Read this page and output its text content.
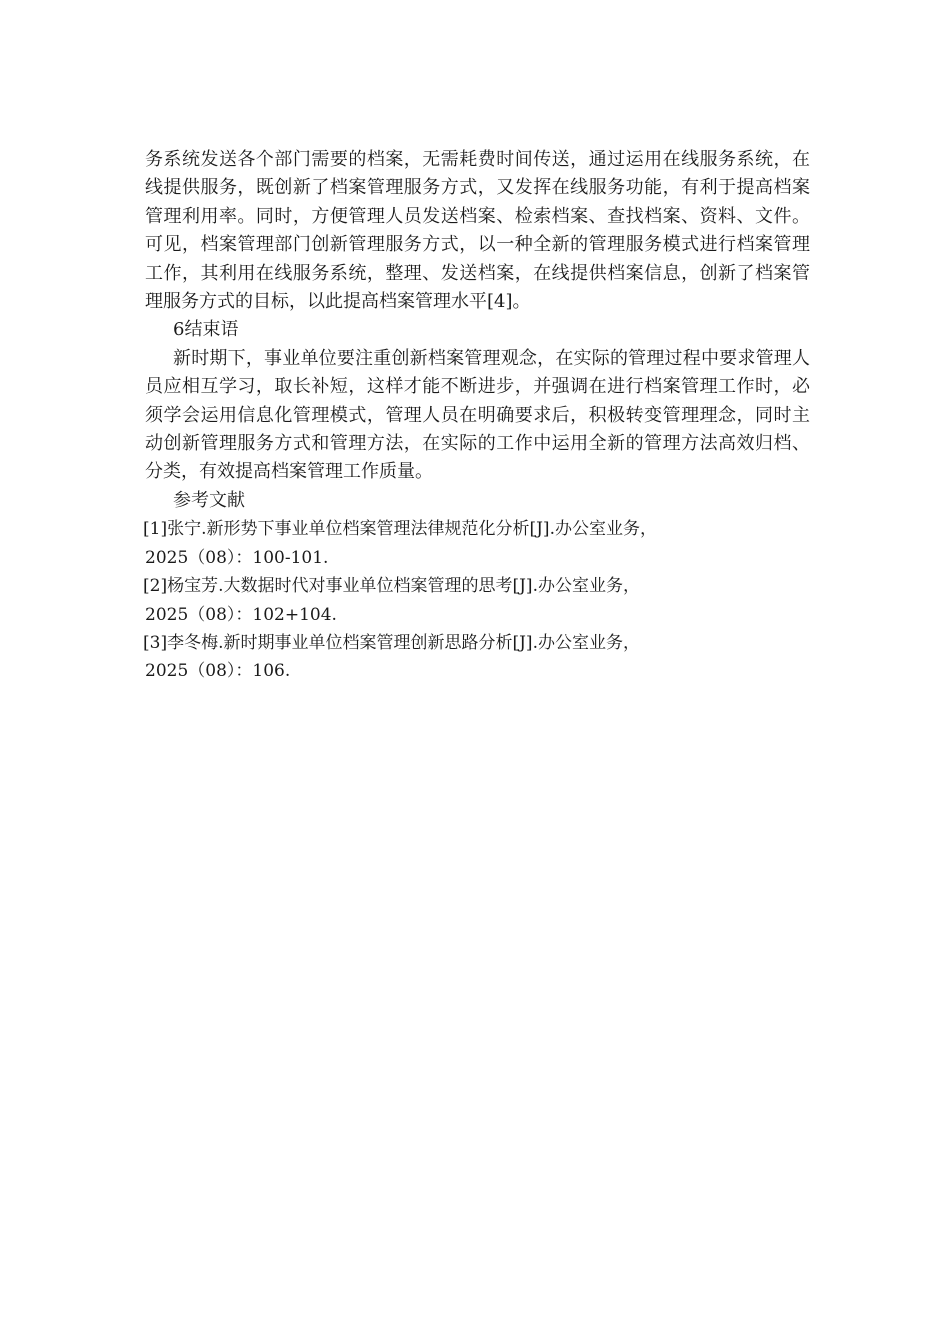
务系统发送各个部门需要的档案，无需耗费时间传送，通过运用在线服务系统，在线提供服务，既创新了档案管理服务方式，又发挥在线服务功能，有利于提高档案管理利用率。同时，方便管理人员发送档案、检索档案、查找档案、资料、文件。可见，档案管理部门创新管理服务方式，以一种全新的管理服务模式进行档案管理工作，其利用在线服务系统，整理、发送档案，在线提供档案信息，创新了档案管理服务方式的目标，以此提高档案管理水平[4]。

6结束语

新时期下，事业单位要注重创新档案管理观念，在实际的管理过程中要求管理人员应相互学习，取长补短，这样才能不断进步，并强调在进行档案管理工作时，必须学会运用信息化管理模式，管理人员在明确要求后，积极转变管理理念，同时主动创新管理服务方式和管理方法，在实际的工作中运用全新的管理方法高效归档、分类，有效提高档案管理工作质量。

参考文献

[1]张宁.新形势下事业单位档案管理法律规范化分析[J].办公室业务，
2025（08）：100-101.
[2]杨宝芳.大数据时代对事业单位档案管理的思考[J].办公室业务，
2025（08）：102+104.
[3]李冬梅.新时期事业单位档案管理创新思路分析[J].办公室业务，
2025（08）：106.
